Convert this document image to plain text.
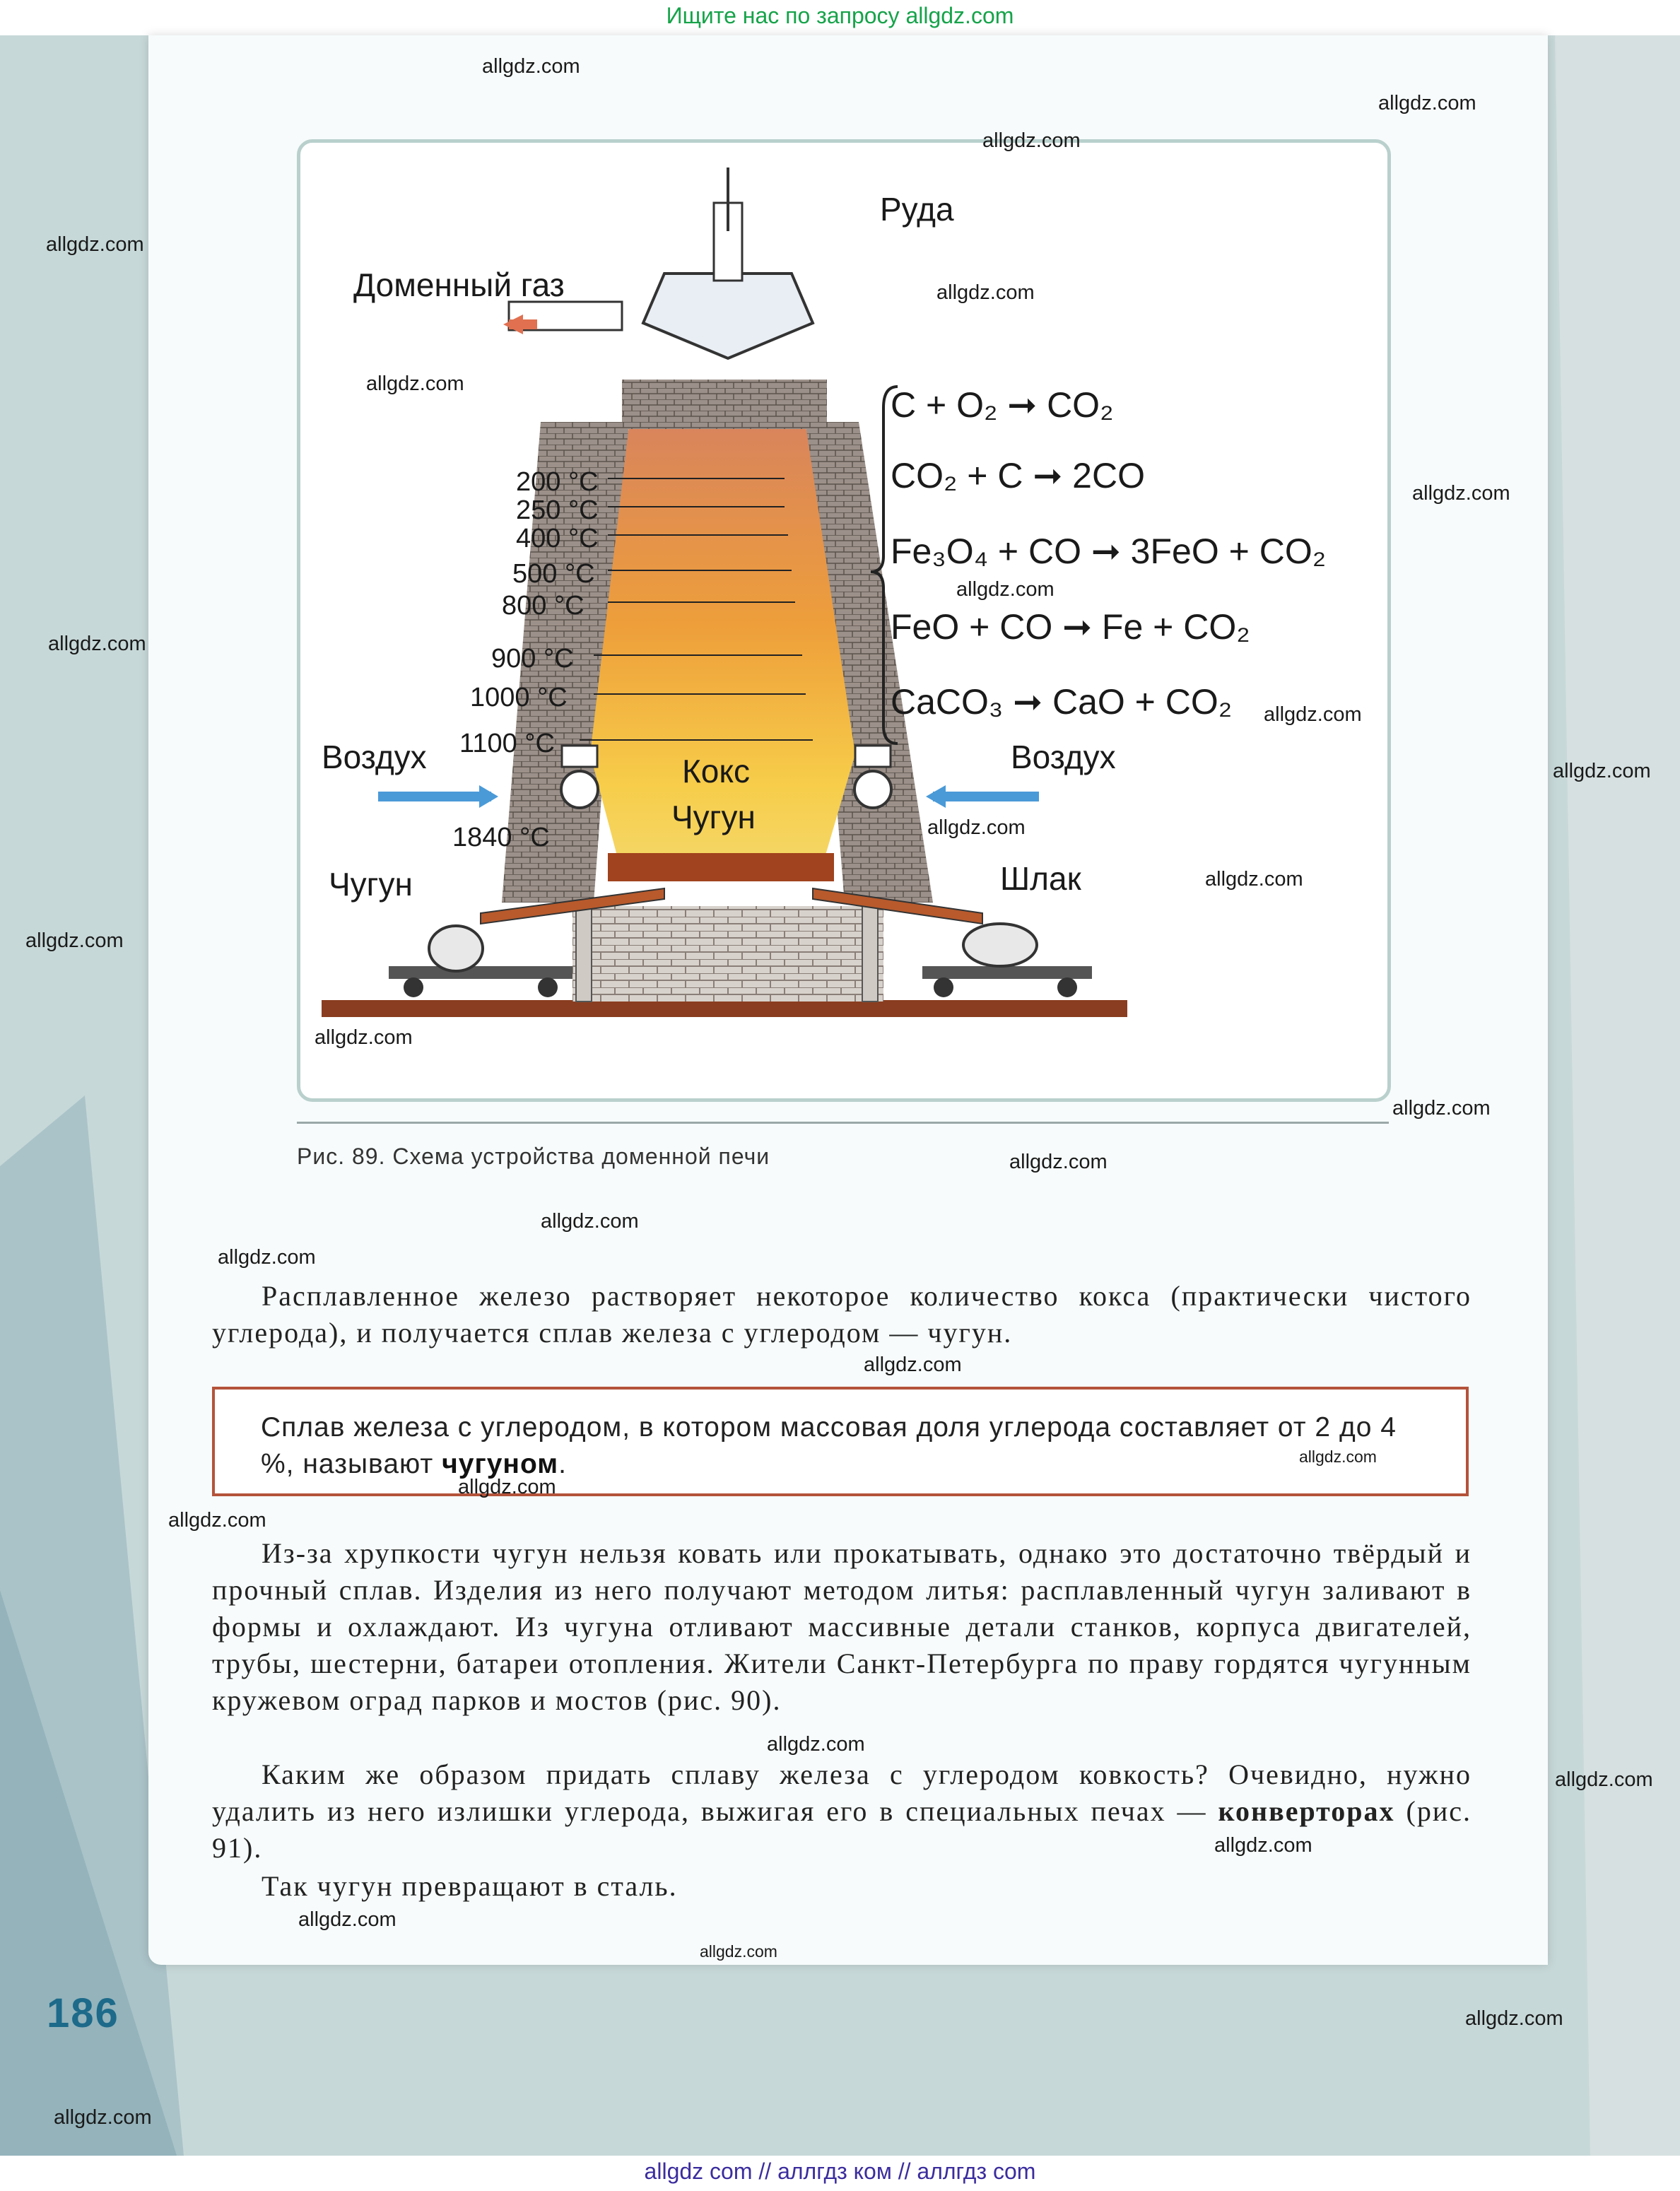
Ищите нас по запросу allgdz.com
Руда
Доменный газ
Воздух	Воздух
Кокс
Чугун
Чугун	Шлак
1840 °C
200 °C
250 °C
400 °C
500 °C
800 °C
900 °C
1000 °C
1100 °C
C + O₂ ➞ CO₂
CO₂ + C ➞ 2CO
Fe₃O₄ + CO ➞ 3FeO + CO₂
FeO + CO ➞ Fe + CO₂
CaCO₃ ➞ CaO + CO₂
Рис. 89. Схема устройства доменной печи
Расплавленное железо растворяет некоторое количество кокса (практически чистого углерода), и получается сплав железа с углеродом — чугун.
Сплав железа с углеродом, в котором массовая доля углерода составляет от 2 до 4 %, называют чугуном.
Из-за хрупкости чугун нельзя ковать или прокатывать, однако это достаточно твёрдый и прочный сплав. Изделия из него получают методом литья: расплавленный чугун заливают в формы и охлаждают. Из чугуна отливают массивные детали станков, корпуса двигателей, трубы, шестерни, батареи отопления. Жители Санкт-Петербурга по праву гордятся чугунным кружевом оград парков и мостов (рис. 90).
Каким же образом придать сплаву железа с углеродом ковкость? Очевидно, нужно удалить из него излишки углерода, выжигая его в специальных печах — конверторах (рис. 91).
Так чугун превращают в сталь.
186
allgdz.com
allgdz.com
allgdz.com
allgdz.com
allgdz.com
allgdz.com
allgdz.com
allgdz.com
allgdz.com
allgdz.com
allgdz.com
allgdz.com
allgdz.com
allgdz.com
allgdz.com
allgdz.com
allgdz.com
allgdz.com
allgdz.com
allgdz.com
allgdz.com
allgdz.com
allgdz.com
allgdz.com
allgdz.com
allgdz.com
allgdz.com
allgdz.com
allgdz.com
allgdz.com
allgdz com // аллгдз ком // аллгдз com
